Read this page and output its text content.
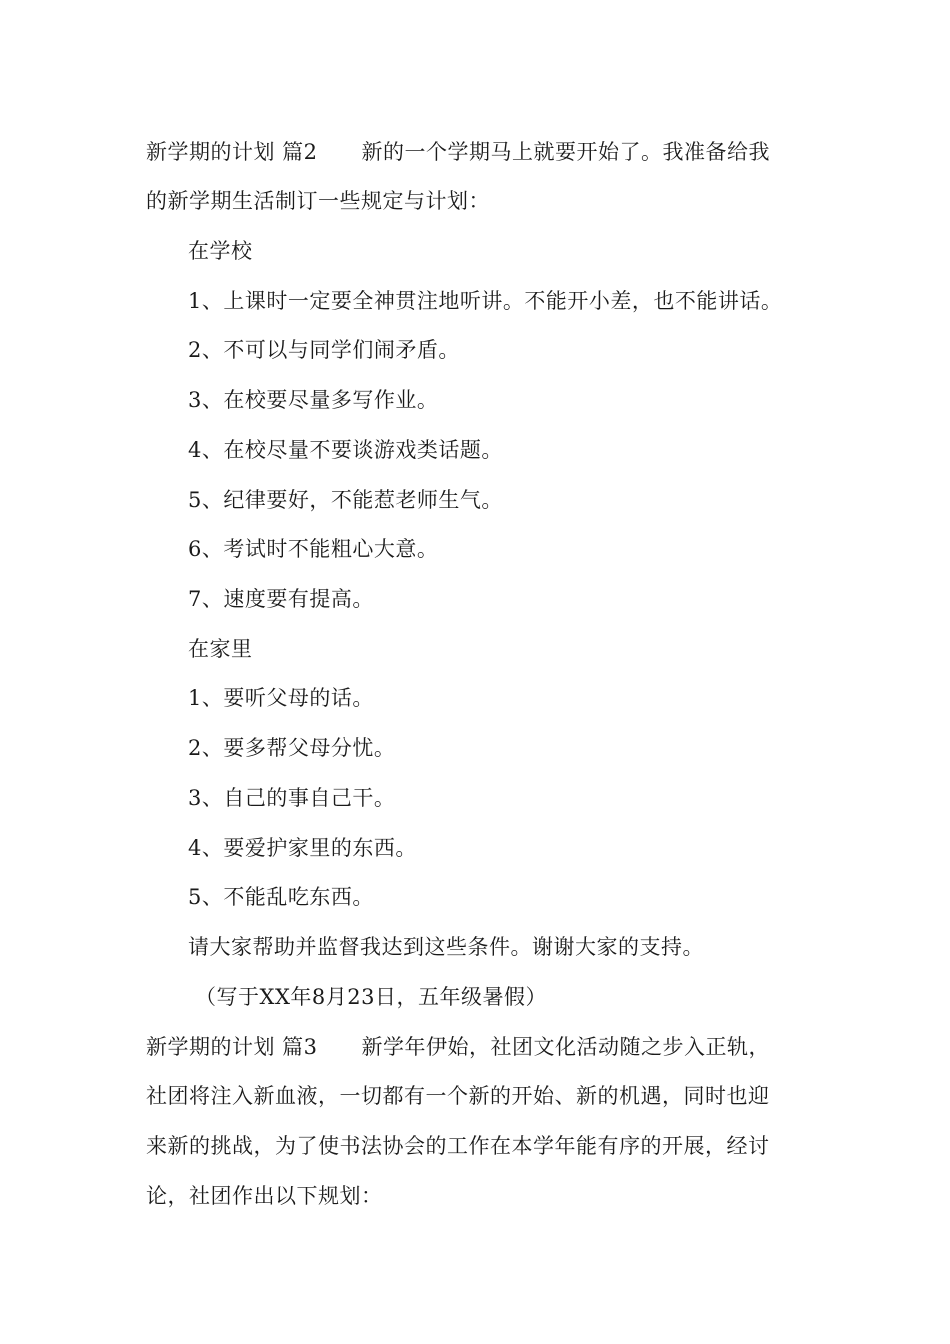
新学期的计划 篇2 新的一个学期马上就要开始了。我准备给我
的新学期生活制订一些规定与计划：
在学校
1、上课时一定要全神贯注地听讲。不能开小差，也不能讲话。
2、不可以与同学们闹矛盾。
3、在校要尽量多写作业。
4、在校尽量不要谈游戏类话题。
5、纪律要好，不能惹老师生气。
6、考试时不能粗心大意。
7、速度要有提高。
在家里
1、要听父母的话。
2、要多帮父母分忧。
3、自己的事自己干。
4、要爱护家里的东西。
5、不能乱吃东西。
请大家帮助并监督我达到这些条件。谢谢大家的支持。
（写于XX年8月23日，五年级暑假）
新学期的计划 篇3 新学年伊始，社团文化活动随之步入正轨，
社团将注入新血液，一切都有一个新的开始、新的机遇，同时也迎
来新的挑战，为了使书法协会的工作在本学年能有序的开展，经讨
论，社团作出以下规划：
